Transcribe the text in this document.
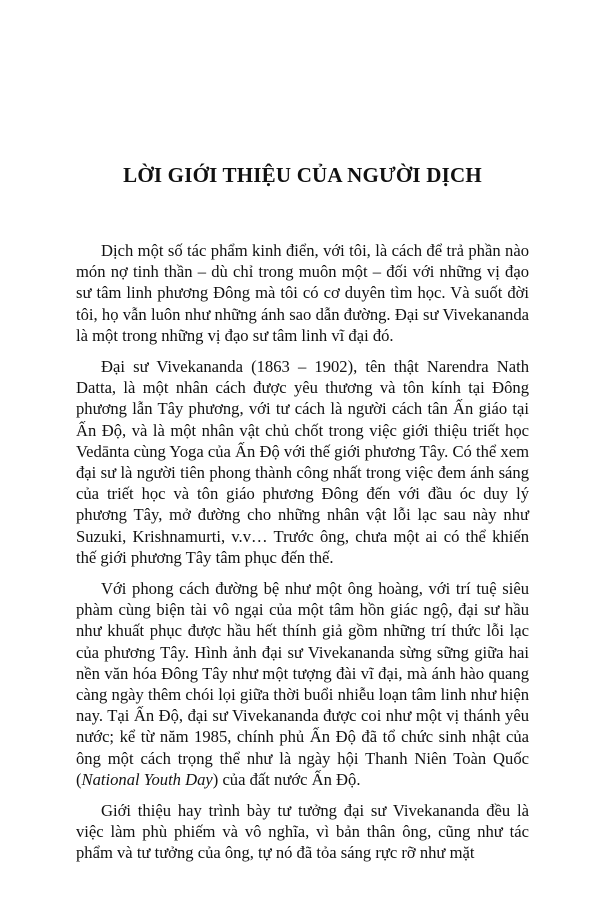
LỜI GIỚI THIỆU CỦA NGƯỜI DỊCH

Dịch một số tác phẩm kinh điển, với tôi, là cách để trả phần nào món nợ tinh thần – dù chỉ trong muôn một – đối với những vị đạo sư tâm linh phương Đông mà tôi có cơ duyên tìm học. Và suốt đời tôi, họ vẫn luôn như những ánh sao dẫn đường. Đại sư Vivekananda là một trong những vị đạo sư tâm linh vĩ đại đó.

Đại sư Vivekananda (1863 – 1902), tên thật Narendra Nath Datta, là một nhân cách được yêu thương và tôn kính tại Đông phương lẫn Tây phương, với tư cách là người cách tân Ấn giáo tại Ấn Độ, và là một nhân vật chủ chốt trong việc giới thiệu triết học Vedānta cùng Yoga của Ấn Độ với thế giới phương Tây. Có thể xem đại sư là người tiên phong thành công nhất trong việc đem ánh sáng của triết học và tôn giáo phương Đông đến với đầu óc duy lý phương Tây, mở đường cho những nhân vật lỗi lạc sau này như Suzuki, Krishnamurti, v.v… Trước ông, chưa một ai có thể khiến thế giới phương Tây tâm phục đến thế.

Với phong cách đường bệ như một ông hoàng, với trí tuệ siêu phàm cùng biện tài vô ngại của một tâm hồn giác ngộ, đại sư hầu như khuất phục được hầu hết thính giả gồm những trí thức lỗi lạc của phương Tây. Hình ảnh đại sư Vivekananda sừng sững giữa hai nền văn hóa Đông Tây như một tượng đài vĩ đại, mà ánh hào quang càng ngày thêm chói lọi giữa thời buổi nhiễu loạn tâm linh như hiện nay. Tại Ấn Độ, đại sư Vivekananda được coi như một vị thánh yêu nước; kể từ năm 1985, chính phủ Ấn Độ đã tổ chức sinh nhật của ông một cách trọng thể như là ngày hội Thanh Niên Toàn Quốc (National Youth Day) của đất nước Ấn Độ.

Giới thiệu hay trình bày tư tưởng đại sư Vivekananda đều là việc làm phù phiếm và vô nghĩa, vì bản thân ông, cũng như tác phẩm và tư tưởng của ông, tự nó đã tỏa sáng rực rỡ như mặt
